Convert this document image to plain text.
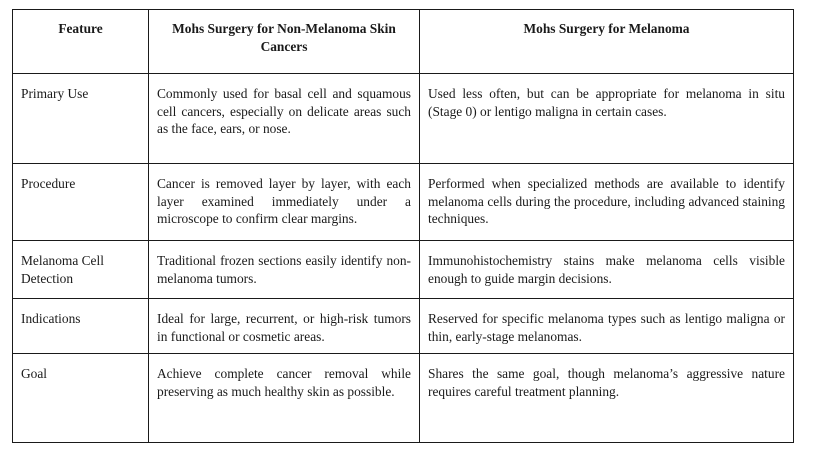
Feature	Mohs Surgery for Non-Melanoma Skin Cancers	Mohs Surgery for Melanoma
Primary Use	Commonly used for basal cell and squamous cell cancers, especially on delicate areas such as the face, ears, or nose.	Used less often, but can be appropriate for melanoma in situ (Stage 0) or lentigo maligna in certain cases.
Procedure	Cancer is removed layer by layer, with each layer examined immediately under a microscope to confirm clear margins.	Performed when specialized methods are available to identify melanoma cells during the procedure, including advanced staining techniques.
Melanoma Cell Detection	Traditional frozen sections easily identify non-melanoma tumors.	Immunohistochemistry stains make melanoma cells visible enough to guide margin decisions.
Indications	Ideal for large, recurrent, or high-risk tumors in functional or cosmetic areas.	Reserved for specific melanoma types such as lentigo maligna or thin, early-stage melanomas.
Goal	Achieve complete cancer removal while preserving as much healthy skin as possible.	Shares the same goal, though melanoma’s aggressive nature requires careful treatment planning.
